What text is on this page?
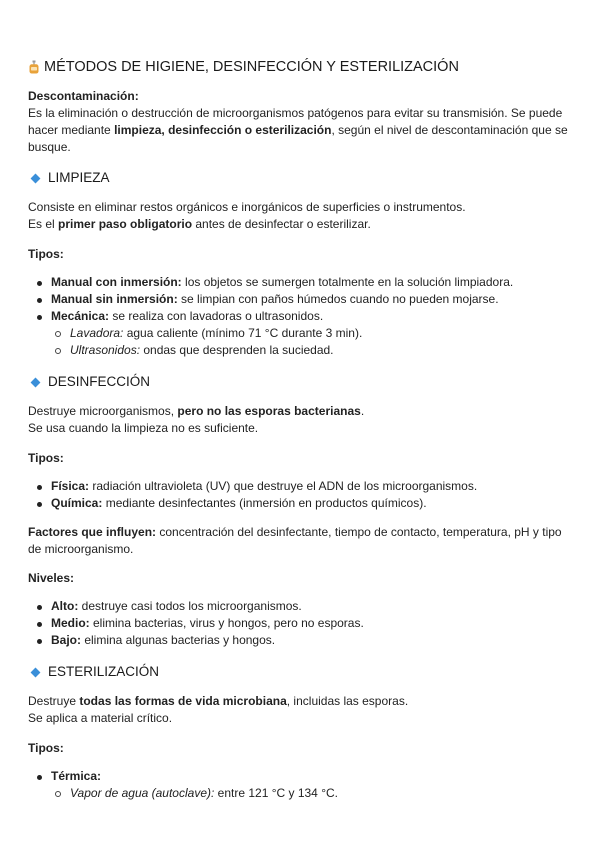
MÉTODOS DE HIGIENE, DESINFECCIÓN Y ESTERILIZACIÓN
Descontaminación:
Es la eliminación o destrucción de microorganismos patógenos para evitar su transmisión. Se puede hacer mediante limpieza, desinfección o esterilización, según el nivel de descontaminación que se busque.
LIMPIEZA
Consiste en eliminar restos orgánicos e inorgánicos de superficies o instrumentos.
Es el primer paso obligatorio antes de desinfectar o esterilizar.
Tipos:
Manual con inmersión: los objetos se sumergen totalmente en la solución limpiadora.
Manual sin inmersión: se limpian con paños húmedos cuando no pueden mojarse.
Mecánica: se realiza con lavadoras o ultrasonidos.
Lavadora: agua caliente (mínimo 71 °C durante 3 min).
Ultrasonidos: ondas que desprenden la suciedad.
DESINFECCIÓN
Destruye microorganismos, pero no las esporas bacterianas.
Se usa cuando la limpieza no es suficiente.
Tipos:
Física: radiación ultravioleta (UV) que destruye el ADN de los microorganismos.
Química: mediante desinfectantes (inmersión en productos químicos).
Factores que influyen: concentración del desinfectante, tiempo de contacto, temperatura, pH y tipo de microorganismo.
Niveles:
Alto: destruye casi todos los microorganismos.
Medio: elimina bacterias, virus y hongos, pero no esporas.
Bajo: elimina algunas bacterias y hongos.
ESTERILIZACIÓN
Destruye todas las formas de vida microbiana, incluidas las esporas.
Se aplica a material crítico.
Tipos:
Térmica:
Vapor de agua (autoclave): entre 121 °C y 134 °C.
